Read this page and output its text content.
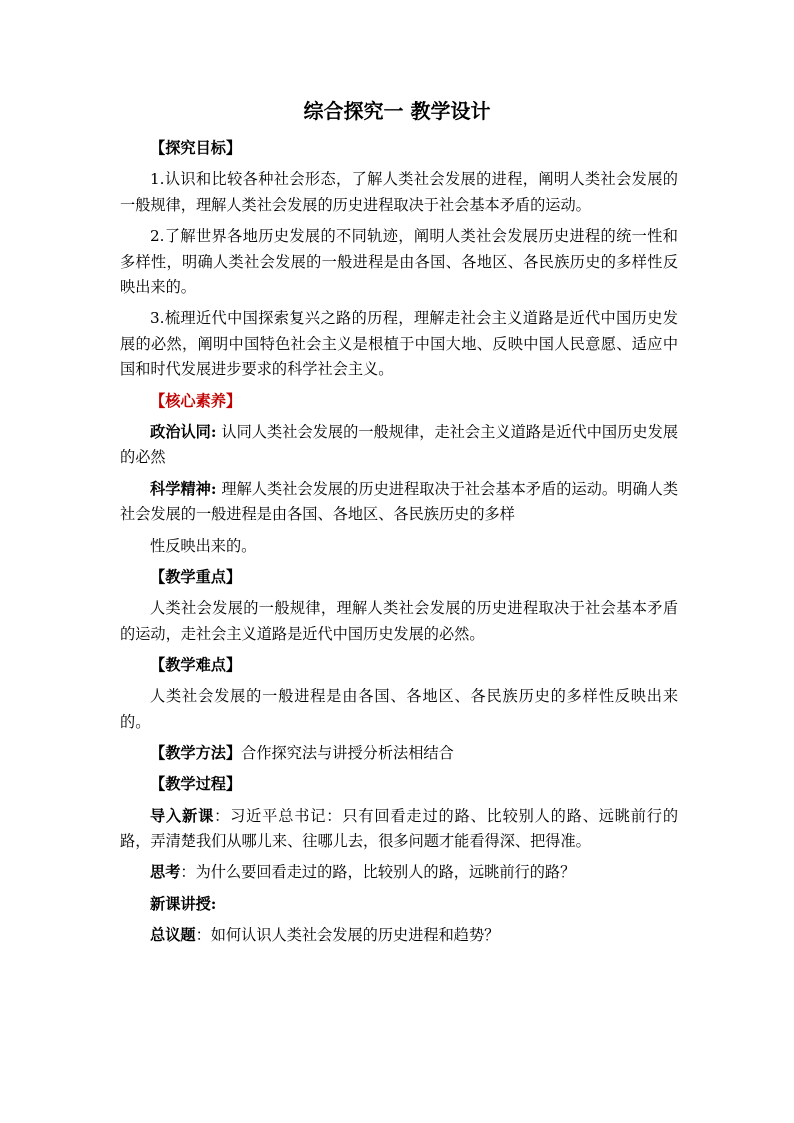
综合探究一 教学设计

【探究目标】

1.认识和比较各种社会形态，了解人类社会发展的进程，阐明人类社会发展的一般规律，理解人类社会发展的历史进程取决于社会基本矛盾的运动。

2.了解世界各地历史发展的不同轨迹，阐明人类社会发展历史进程的统一性和多样性，明确人类社会发展的一般进程是由各国、各地区、各民族历史的多样性反映出来的。

3.梳理近代中国探索复兴之路的历程，理解走社会主义道路是近代中国历史发展的必然，阐明中国特色社会主义是根植于中国大地、反映中国人民意愿、适应中国和时代发展进步要求的科学社会主义。

【核心素养】

政治认同: 认同人类社会发展的一般规律，走社会主义道路是近代中国历史发展的必然

科学精神: 理解人类社会发展的历史进程取决于社会基本矛盾的运动。明确人类社会发展的一般进程是由各国、各地区、各民族历史的多样

性反映出来的。

【教学重点】

人类社会发展的一般规律，理解人类社会发展的历史进程取决于社会基本矛盾的运动，走社会主义道路是近代中国历史发展的必然。

【教学难点】

人类社会发展的一般进程是由各国、各地区、各民族历史的多样性反映出来的。

【教学方法】合作探究法与讲授分析法相结合

【教学过程】

导入新课：习近平总书记：只有回看走过的路、比较别人的路、远眺前行的路，弄清楚我们从哪儿来、往哪儿去，很多问题才能看得深、把得准。

思考：为什么要回看走过的路，比较别人的路，远眺前行的路？

新课讲授:

总议题：如何认识人类社会发展的历史进程和趋势？
